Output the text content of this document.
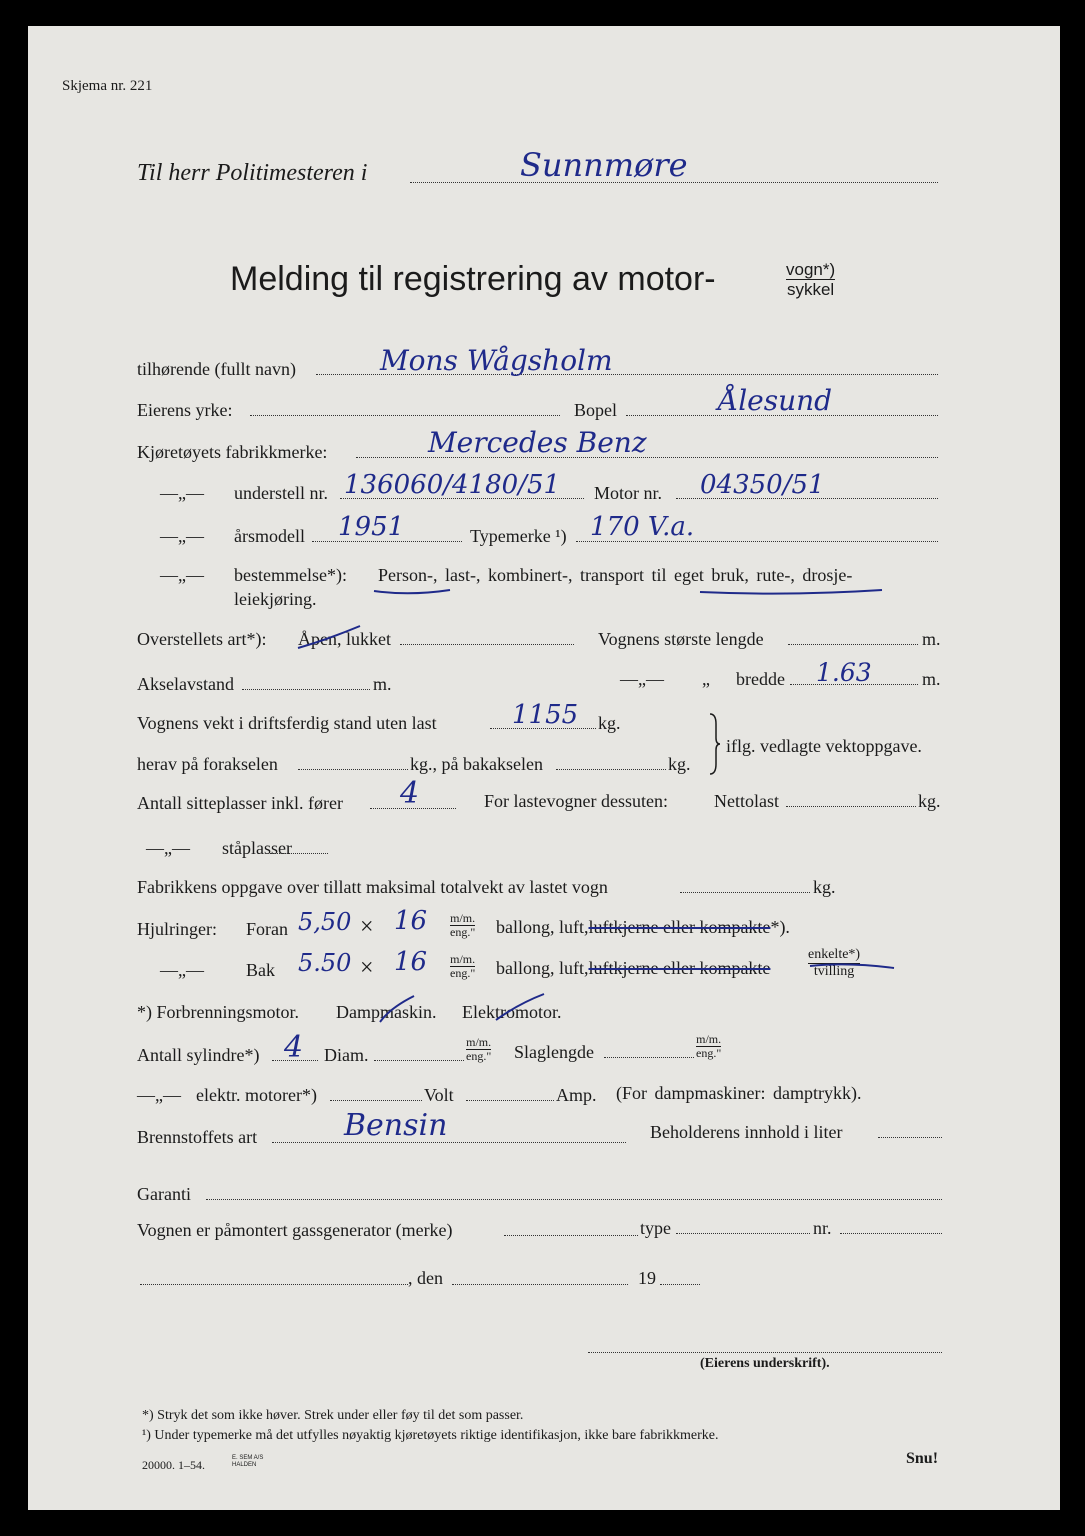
Skjema nr. 221
Til herr Politimesteren i	Sunnmøre
Melding til registrering av motor-	vogn*)
sykkel
tilhørende (fullt navn)	Mons Wågsholm
Eierens yrke:	Bopel	Ålesund
Kjøretøyets fabrikkmerke:	Mercedes Benz
—„— understell nr. 136060/4180/51 Motor nr. 04350/51
—„— årsmodell 1951	Typemerke ¹) 170 V.a.
—„— bestemmelse*): Person-, last-, kombinert-, transport til eget bruk, rute-, drosje-
leiekjøring.
Overstellets art*): Åpen, lukket	Vognens største lengde	m.
Akselavstand	m.	—„— „ bredde 1.63	m.
Vognens vekt i driftsferdig stand uten last	1155 kg.
herav på forakselen	kg., på bakakselen	kg.
iflg. vedlagte vektoppgave.
Antall sitteplasser inkl. fører 4	For lastevogner dessuten:	Nettolast	kg.
—„— ståplasser
Fabrikkens oppgave over tillatt maksimal totalvekt av lastet vogn	kg.
Hjulringer: Foran 5,50 × 16 m/m.
eng." ballong, luft,luftkjerne eller kompakte*).
—„— Bak 5.50 × 16 m/m.
eng." ballong, luft,luftkjerne eller kompakte
enkelte*)
tvilling
*) Forbrenningsmotor. Dampmaskin. Elektromotor.
Antall sylindre*) 4 Diam.
m/m.
eng." Slaglengde
m/m.
eng."
—„— elektr. motorer*)	Volt	Amp. (For dampmaskiner: damptrykk).
Brennstoffets art	Bensin	Beholderens innhold i liter
Garanti
Vognen er påmontert gassgenerator (merke)	type	nr.
, den	19
(Eierens underskrift).
*) Stryk det som ikke høver. Strek under eller føy til det som passer.
¹) Under typemerke må det utfylles nøyaktig kjøretøyets riktige identifikasjon, ikke bare fabrikkmerke.
20000. 1–54.	E. SEM A/S HALDEN	Snu!
